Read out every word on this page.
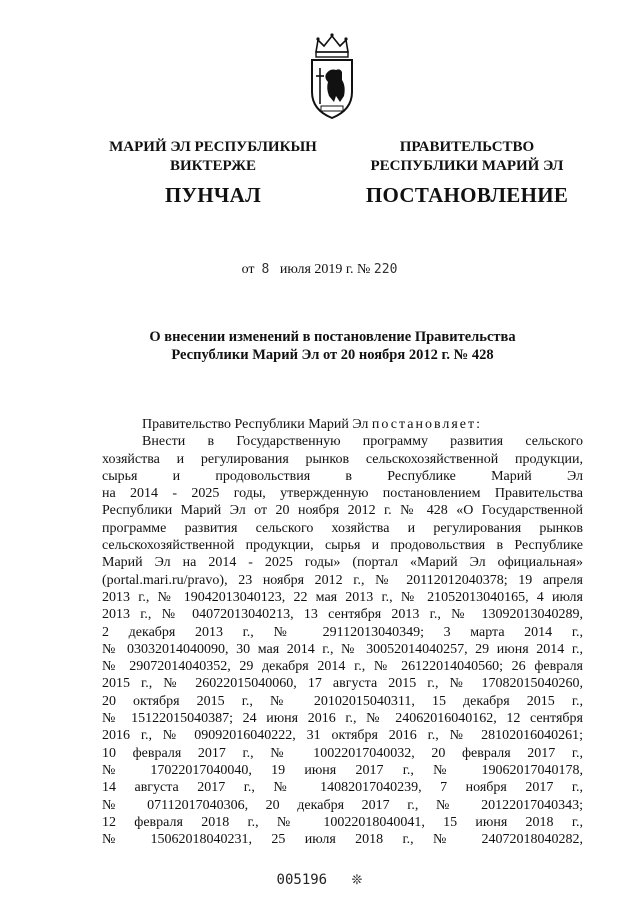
МАРИЙ ЭЛ РЕСПУБЛИКЫН
ВИКТЕРЖЕ
ПУНЧАЛ
ПРАВИТЕЛЬСТВО
РЕСПУБЛИКИ МАРИЙ ЭЛ
ПОСТАНОВЛЕНИЕ
от 8 июля 2019 г. № 220
О внесении изменений в постановление Правительства
Республики Марий Эл от 20 ноября 2012 г. № 428

Правительство Республики Марий Эл постановляет:

Внести в Государственную программу развития сельского

хозяйства и регулирования рынков сельскохозяйственной продукции,

сырья и продовольствия в Республике Марий Эл

на 2014 - 2025 годы, утвержденную постановлением Правительства

Республики Марий Эл от 20 ноября 2012 г. № 428 «О Государственной

программе развития сельского хозяйства и регулирования рынков

сельскохозяйственной продукции, сырья и продовольствия в Республике

Марий Эл на 2014 - 2025 годы» (портал «Марий Эл официальная»

(portal.mari.ru/pravo), 23 ноября 2012 г., № 20112012040378; 19 апреля

2013 г., № 19042013040123, 22 мая 2013 г., № 21052013040165, 4 июля

2013 г., № 04072013040213, 13 сентября 2013 г., № 13092013040289,

2 декабря 2013 г., № 29112013040349; 3 марта 2014 г.,

№ 03032014040090, 30 мая 2014 г., № 30052014040257, 29 июня 2014 г.,

№ 29072014040352, 29 декабря 2014 г., № 26122014040560; 26 февраля

2015 г., № 26022015040060, 17 августа 2015 г., № 17082015040260,

20 октября 2015 г., № 20102015040311, 15 декабря 2015 г.,

№ 15122015040387; 24 июня 2016 г., № 24062016040162, 12 сентября

2016 г., № 09092016040222, 31 октября 2016 г., № 28102016040261;

10 февраля 2017 г., № 10022017040032, 20 февраля 2017 г.,

№ 17022017040040, 19 июня 2017 г., № 19062017040178,

14 августа 2017 г., № 14082017040239, 7 ноября 2017 г.,

№ 07112017040306, 20 декабря 2017 г., № 20122017040343;

12 февраля 2018 г., № 10022018040041, 15 июня 2018 г.,

№ 15062018040231, 25 июля 2018 г., № 24072018040282,

005196 ❊
